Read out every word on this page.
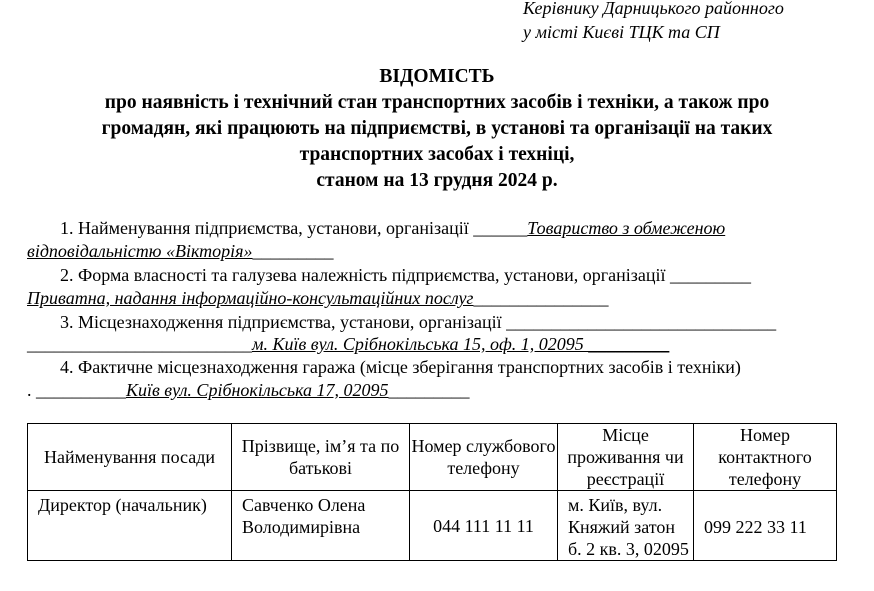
Керівнику Дарницького районного
у місті Києві ТЦК та СП
ВІДОМІСТЬ
про наявність і технічний стан транспортних засобів і техніки, а також про
громадян, які працюють на підприємстві, в установі та організації на таких
транспортних засобах і техніці,
станом на 13 грудня 2024 р.
1. Найменування підприємства, установи, організації ______Товариство з обмеженою
відповідальністю «Вікторія»_________
2. Форма власності та галузева належність підприємства, установи, організації _________
Приватна, надання інформаційно-консультаційних послуг_______________
3. Місцезнаходження підприємства, установи, організації ______________________________
_________________________м. Київ вул. Срібнокільська 15, оф. 1, 02095 _________
4. Фактичне місцезнаходження гаража (місце зберігання транспортних засобів і техніки)
. __________Київ вул. Срібнокільська 17, 02095_________
Найменування посади	Прізвище, ім’я та по батькові	Номер службового телефону	Місце проживання чи реєстрації	Номер контактного телефону
Директор (начальник)	Савченко Олена Володимирівна	044 111 11 11	м. Київ, вул. Княжий затон б. 2 кв. 3, 02095	099 222 33 11
